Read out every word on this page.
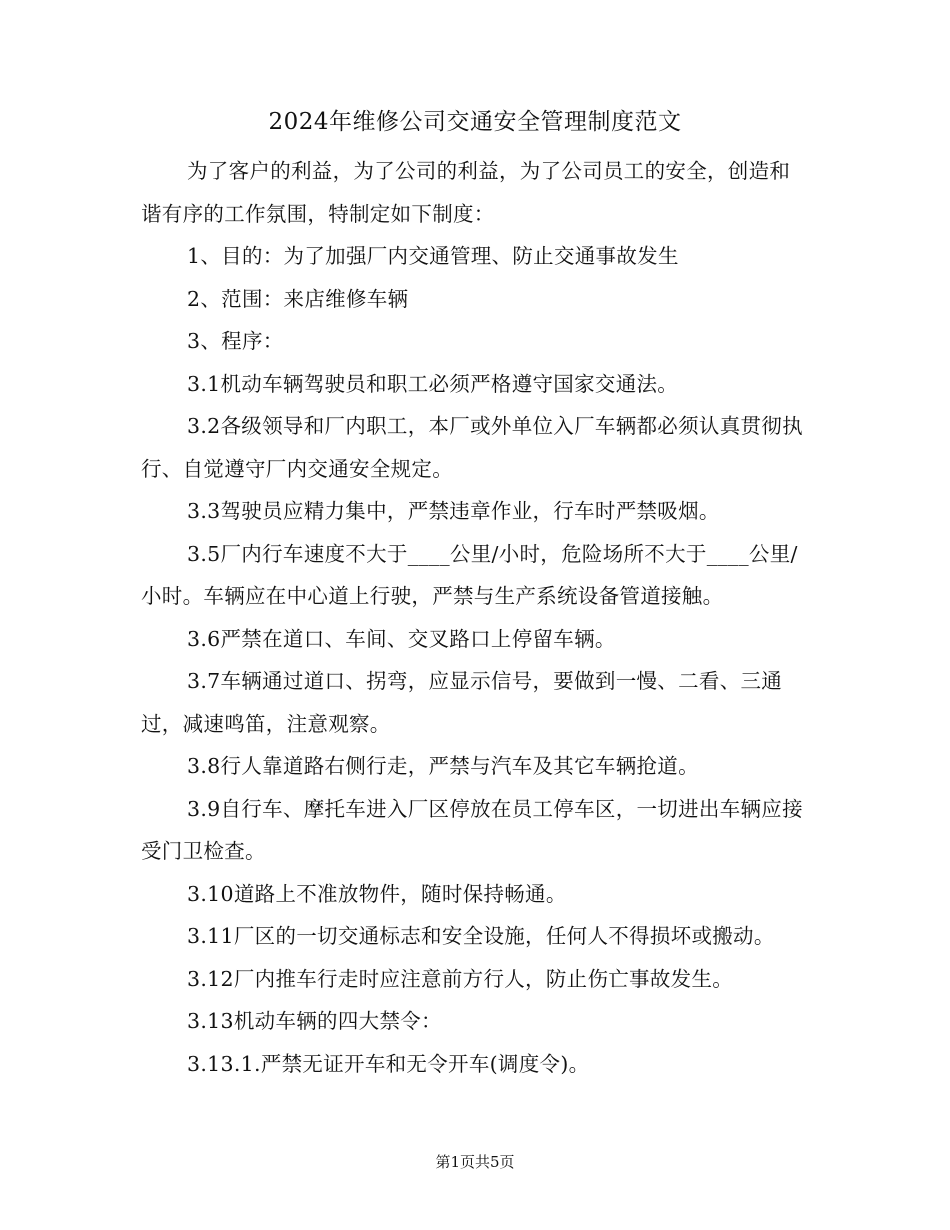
2024年维修公司交通安全管理制度范文

为了客户的利益，为了公司的利益，为了公司员工的安全，创造和谐有序的工作氛围，特制定如下制度：

1、目的：为了加强厂内交通管理、防止交通事故发生

2、范围：来店维修车辆

3、程序：

3.1机动车辆驾驶员和职工必须严格遵守国家交通法。

3.2各级领导和厂内职工，本厂或外单位入厂车辆都必须认真贯彻执行、自觉遵守厂内交通安全规定。

3.3驾驶员应精力集中，严禁违章作业，行车时严禁吸烟。

3.5厂内行车速度不大于____公里/小时，危险场所不大于____公里/小时。车辆应在中心道上行驶，严禁与生产系统设备管道接触。

3.6严禁在道口、车间、交叉路口上停留车辆。

3.7车辆通过道口、拐弯，应显示信号，要做到一慢、二看、三通过，减速鸣笛，注意观察。

3.8行人靠道路右侧行走，严禁与汽车及其它车辆抢道。

3.9自行车、摩托车进入厂区停放在员工停车区，一切进出车辆应接受门卫检查。

3.10道路上不准放物件，随时保持畅通。

3.11厂区的一切交通标志和安全设施，任何人不得损坏或搬动。

3.12厂内推车行走时应注意前方行人，防止伤亡事故发生。

3.13机动车辆的四大禁令：

3.13.1.严禁无证开车和无令开车(调度令)。

第1页共5页
